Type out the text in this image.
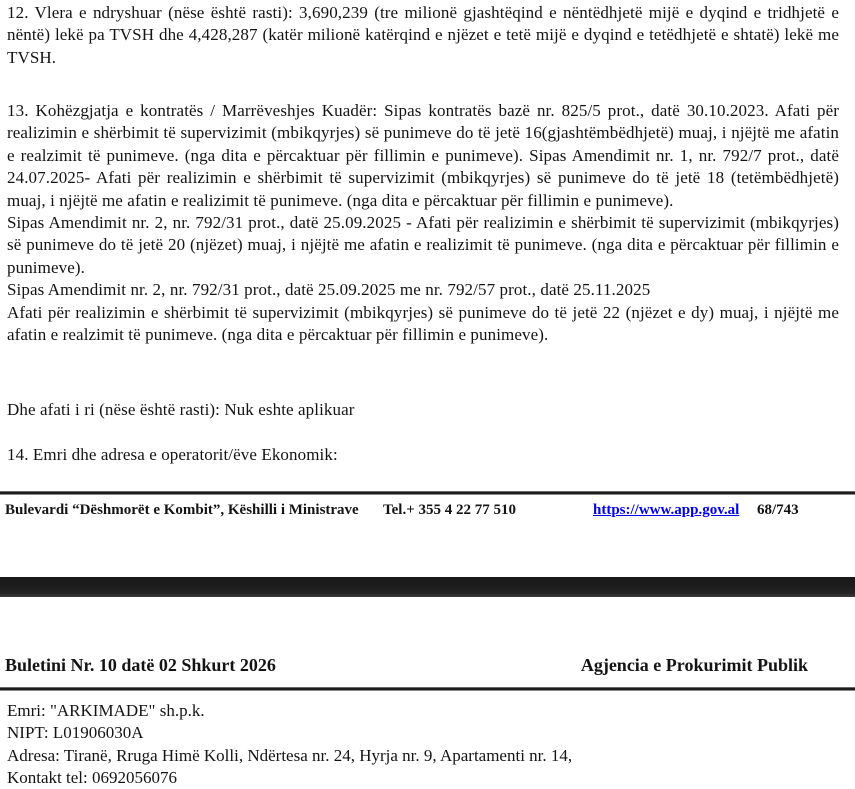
12. Vlera e ndryshuar (nëse është rasti): 3,690,239 (tre milionë gjashtëqind e nëntëdhjetë mijë e dyqind e tridhjetë e nëntë) lekë pa TVSH dhe 4,428,287 (katër milionë katërqind e njëzet e tetë mijë e dyqind e tetëdhjetë e shtatë) lekë me TVSH.
13. Kohëzgjatja e kontratës / Marrëveshjes Kuadër: Sipas kontratës bazë nr. 825/5 prot., datë 30.10.2023. Afati për realizimin e shërbimit të supervizimit (mbikqyrjes) së punimeve do të jetë 16(gjashtëmbëdhjetë) muaj, i njëjtë me afatin e realzimit të punimeve. (nga dita e përcaktuar për fillimin e punimeve). Sipas Amendimit nr. 1, nr. 792/7 prot., datë 24.07.2025- Afati për realizimin e shërbimit të supervizimit (mbikqyrjes) së punimeve do të jetë 18 (tetëmbëdhjetë) muaj, i njëjtë me afatin e realizimit të punimeve. (nga dita e përcaktuar për fillimin e punimeve).
Sipas Amendimit nr. 2, nr. 792/31 prot., datë 25.09.2025 - Afati për realizimin e shërbimit të supervizimit (mbikqyrjes) së punimeve do të jetë 20 (njëzet) muaj, i njëjtë me afatin e realizimit të punimeve. (nga dita e përcaktuar për fillimin e punimeve).
Sipas Amendimit nr. 2, nr. 792/31 prot., datë 25.09.2025 me nr. 792/57 prot., datë 25.11.2025
Afati për realizimin e shërbimit të supervizimit (mbikqyrjes) së punimeve do të jetë 22 (njëzet e dy) muaj, i njëjtë me afatin e realzimit të punimeve. (nga dita e përcaktuar për fillimin e punimeve).
Dhe afati i ri (nëse është rasti): Nuk eshte aplikuar
14. Emri dhe adresa e operatorit/ëve Ekonomik:
Bulevardi “Dëshmorët e Kombit”, Këshilli i Ministrave Tel.+ 355 4 22 77 510	https://www.app.gov.al 68/743
Buletini Nr. 10 datë 02 Shkurt 2026	Agjencia e Prokurimit Publik
Emri: "ARKIMADE" sh.p.k.
NIPT: L01906030A
Adresa: Tiranë, Rruga Himë Kolli, Ndërtesa nr. 24, Hyrja nr. 9, Apartamenti nr. 14,
Kontakt tel: 0692056076
